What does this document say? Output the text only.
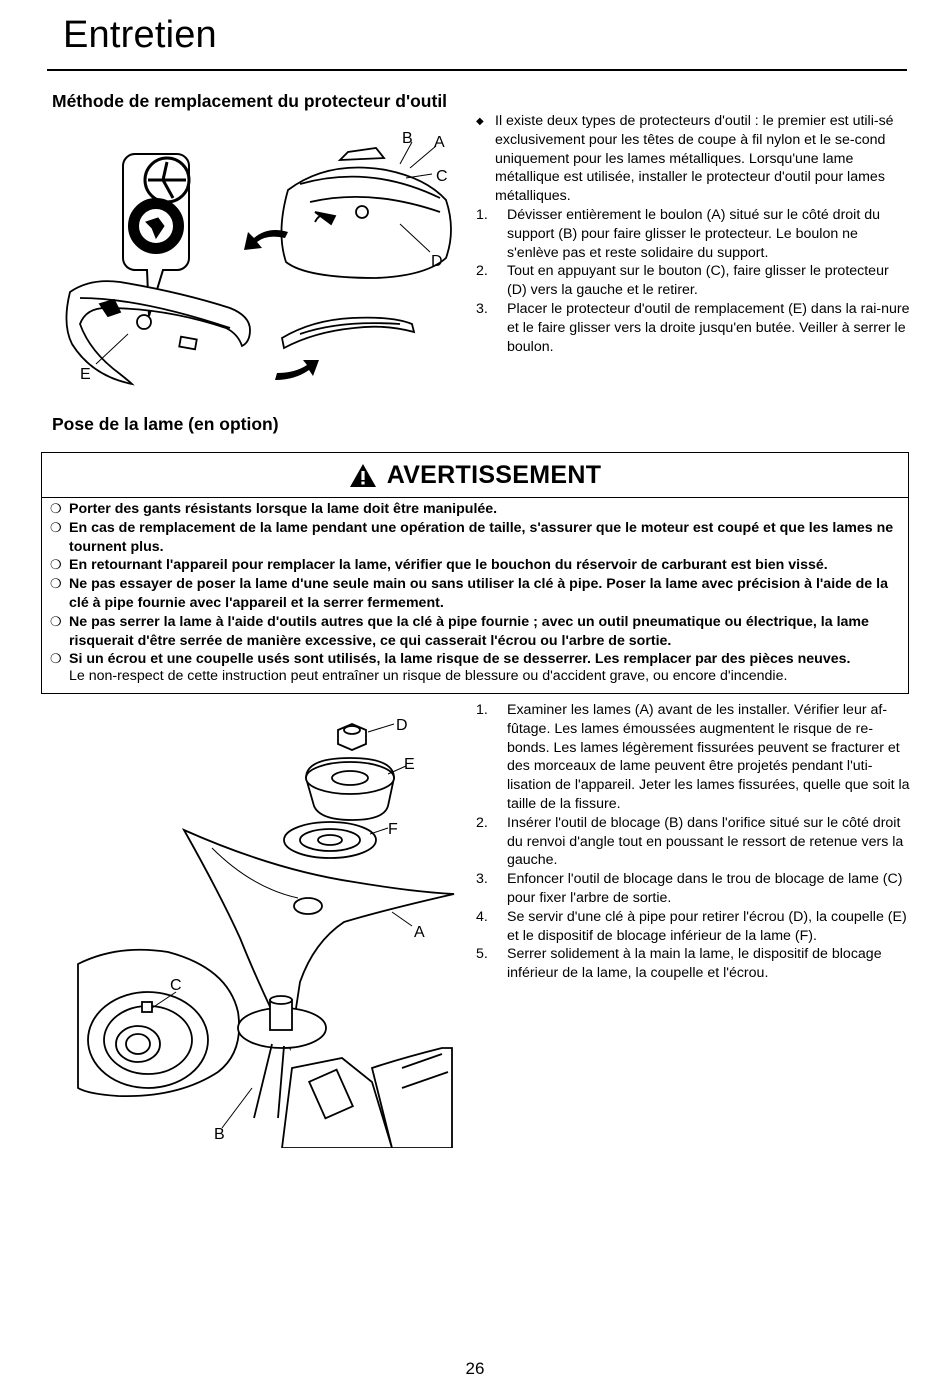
Entretien
Méthode de remplacement du protecteur d'outil
B A
C
D
E
◆ Il existe deux types de protecteurs d'outil : le premier est utili-sé exclusivement pour les têtes de coupe à fil nylon et le se-cond uniquement pour les lames métalliques. Lorsqu'une lame métallique est utilisée, installer le protecteur d'outil pour lames métalliques.
1.	Dévisser entièrement le boulon (A) situé sur le côté droit du support (B) pour faire glisser le protecteur. Le boulon ne s'enlève pas et reste solidaire du support.
2.	Tout en appuyant sur le bouton (C), faire glisser le protecteur (D) vers la gauche et le retirer.
3.	Placer le protecteur d'outil de remplacement (E) dans la rai-nure et le faire glisser vers la droite jusqu'en butée. Veiller à serrer le boulon.
Pose de la lame (en option)
AVERTISSEMENT
❍ Porter des gants résistants lorsque la lame doit être manipulée.
❍ En cas de remplacement de la lame pendant une opération de taille, s'assurer que le moteur est coupé et que les lames ne tournent plus.
❍ En retournant l'appareil pour remplacer la lame, vérifier que le bouchon du réservoir de carburant est bien vissé.
❍ Ne pas essayer de poser la lame d'une seule main ou sans utiliser la clé à pipe. Poser la lame avec précision à l'aide de la clé à pipe fournie avec l'appareil et la serrer fermement.
❍ Ne pas serrer la lame à l'aide d'outils autres que la clé à pipe fournie ; avec un outil pneumatique ou électrique, la lame risquerait d'être serrée de manière excessive, ce qui casserait l'écrou ou l'arbre de sortie.
❍ Si un écrou et une coupelle usés sont utilisés, la lame risque de se desserrer. Les remplacer par des pièces neuves.
Le non-respect de cette instruction peut entraîner un risque de blessure ou d'accident grave, ou encore d'incendie.
D
E
F
A
C
B
1.	Examiner les lames (A) avant de les installer. Vérifier leur af-fûtage. Les lames émoussées augmentent le risque de re-bonds. Les lames légèrement fissurées peuvent se fracturer et des morceaux de lame peuvent être projetés pendant l'uti-lisation de l'appareil. Jeter les lames fissurées, quelle que soit la taille de la fissure.
2.	Insérer l'outil de blocage (B) dans l'orifice situé sur le côté droit du renvoi d'angle tout en poussant le ressort de retenue vers la gauche.
3.	Enfoncer l'outil de blocage dans le trou de blocage de lame (C) pour fixer l'arbre de sortie.
4.	Se servir d'une clé à pipe pour retirer l'écrou (D), la coupelle (E) et le dispositif de blocage inférieur de la lame (F).
5.	Serrer solidement à la main la lame, le dispositif de blocage inférieur de la lame, la coupelle et l'écrou.
26
